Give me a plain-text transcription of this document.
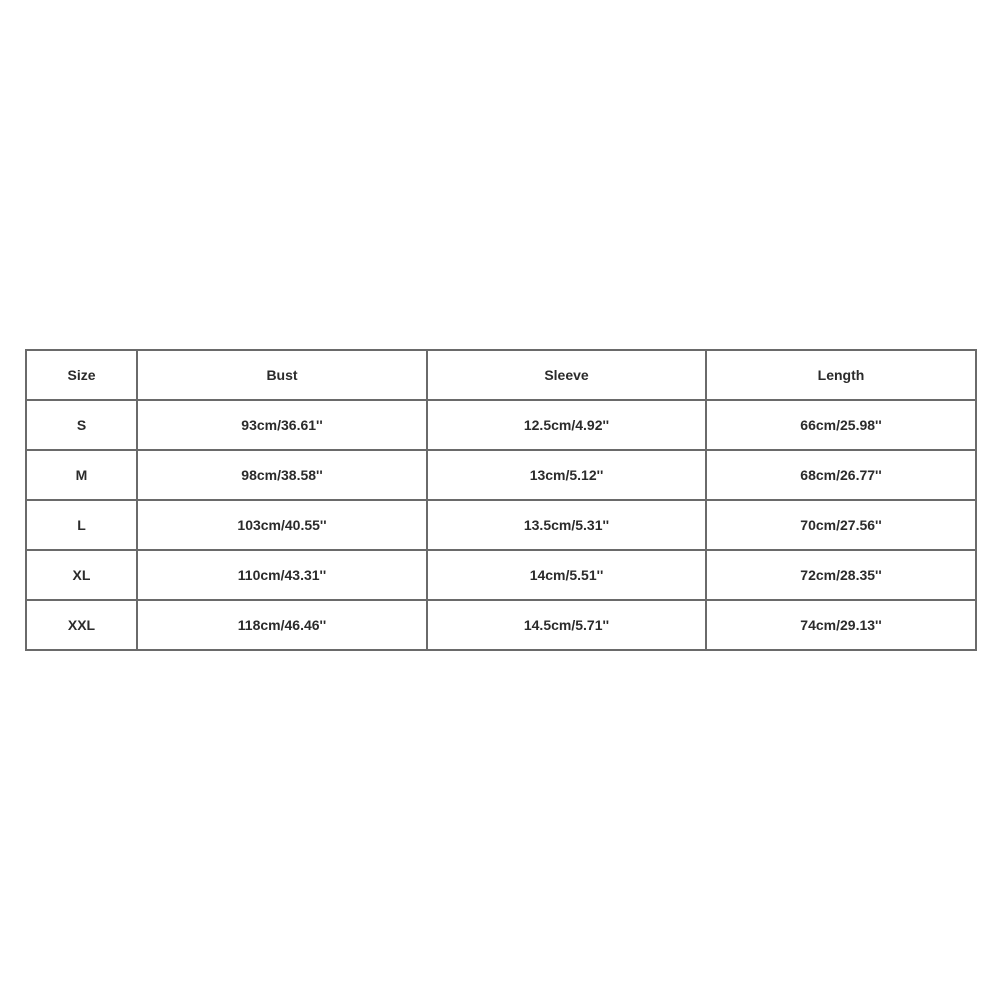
Size	Bust	Sleeve	Length
S	93cm/36.61''	12.5cm/4.92''	66cm/25.98''
M	98cm/38.58''	13cm/5.12''	68cm/26.77''
L	103cm/40.55''	13.5cm/5.31''	70cm/27.56''
XL	110cm/43.31''	14cm/5.51''	72cm/28.35''
XXL	118cm/46.46''	14.5cm/5.71''	74cm/29.13''
